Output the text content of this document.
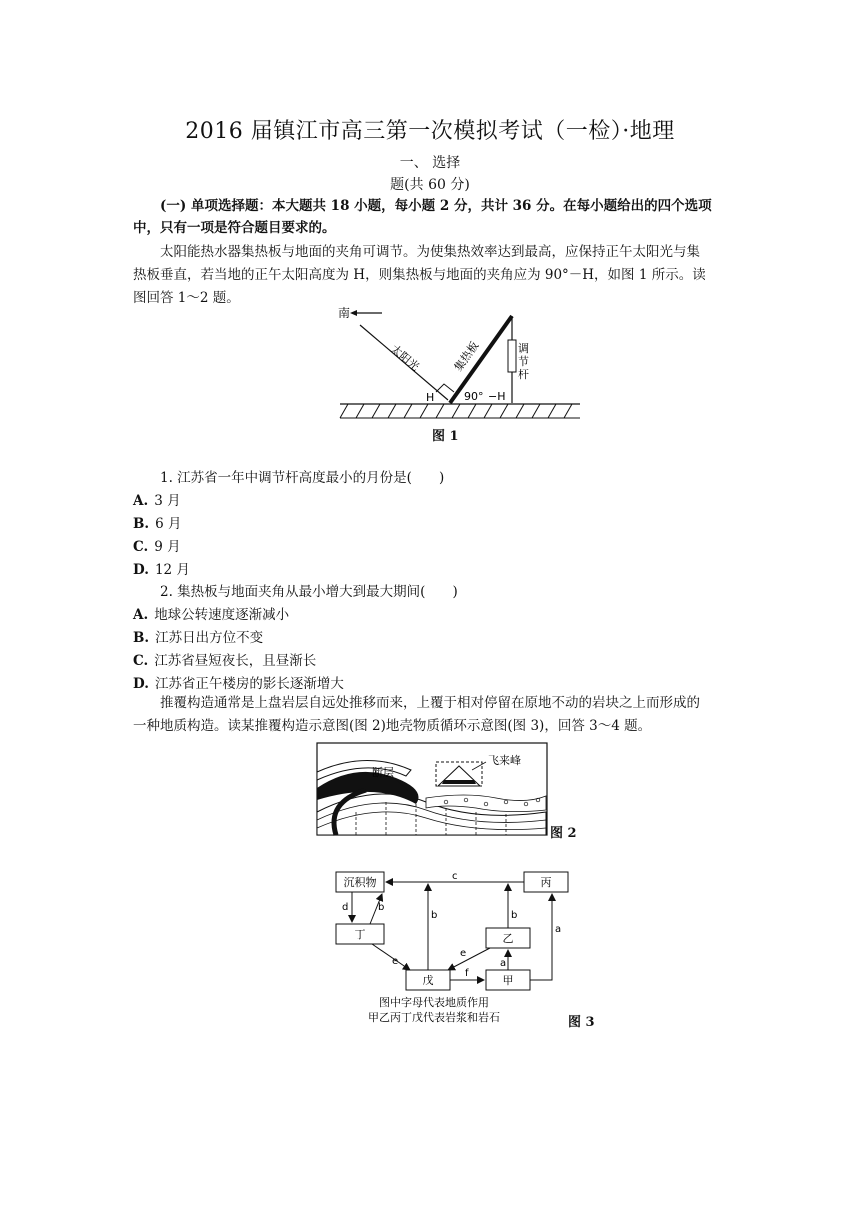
2016 届镇江市高三第一次模拟考试（一检）·地理
一、 选择
题(共 60 分)

(一) 单项选择题：本大题共 18 小题，每小题 2 分，共计 36 分。在每小题给出的四个选项

中，只有一项是符合题目要求的。

太阳能热水器集热板与地面的夹角可调节。为使集热效率达到最高，应保持正午太阳光与集

热板垂直，若当地的正午太阳高度为 H，则集热板与地面的夹角应为 90°－H，如图 1 所示。读

图回答 1～2 题。

南
太阳光	集热板	调
节
杆
H	90° −H
图 1
1. 江苏省一年中调节杆高度最小的月份是(　　)
A. 3 月
B. 6 月
C. 9 月
D. 12 月
2. 集热板与地面夹角从最小增大到最大期间(　　)
A. 地球公转速度逐渐减小
B. 江苏日出方位不变
C. 江苏省昼短夜长，且昼渐长
D. 江苏省正午楼房的影长逐渐增大

推覆构造通常是上盘岩层自远处推移而来，上覆于相对停留在原地不动的岩块之上而形成的

一种地质构造。读某推覆构造示意图(图 2)地壳物质循环示意图(图 3)，回答 3～4 题。

断层
飞来峰
图 2
沉积物	丙
丁	乙
戊	甲
c
d	b
b	b
e
e
f
a
a
图中字母代表地质作用
甲乙丙丁戊代表岩浆和岩石	图 3
